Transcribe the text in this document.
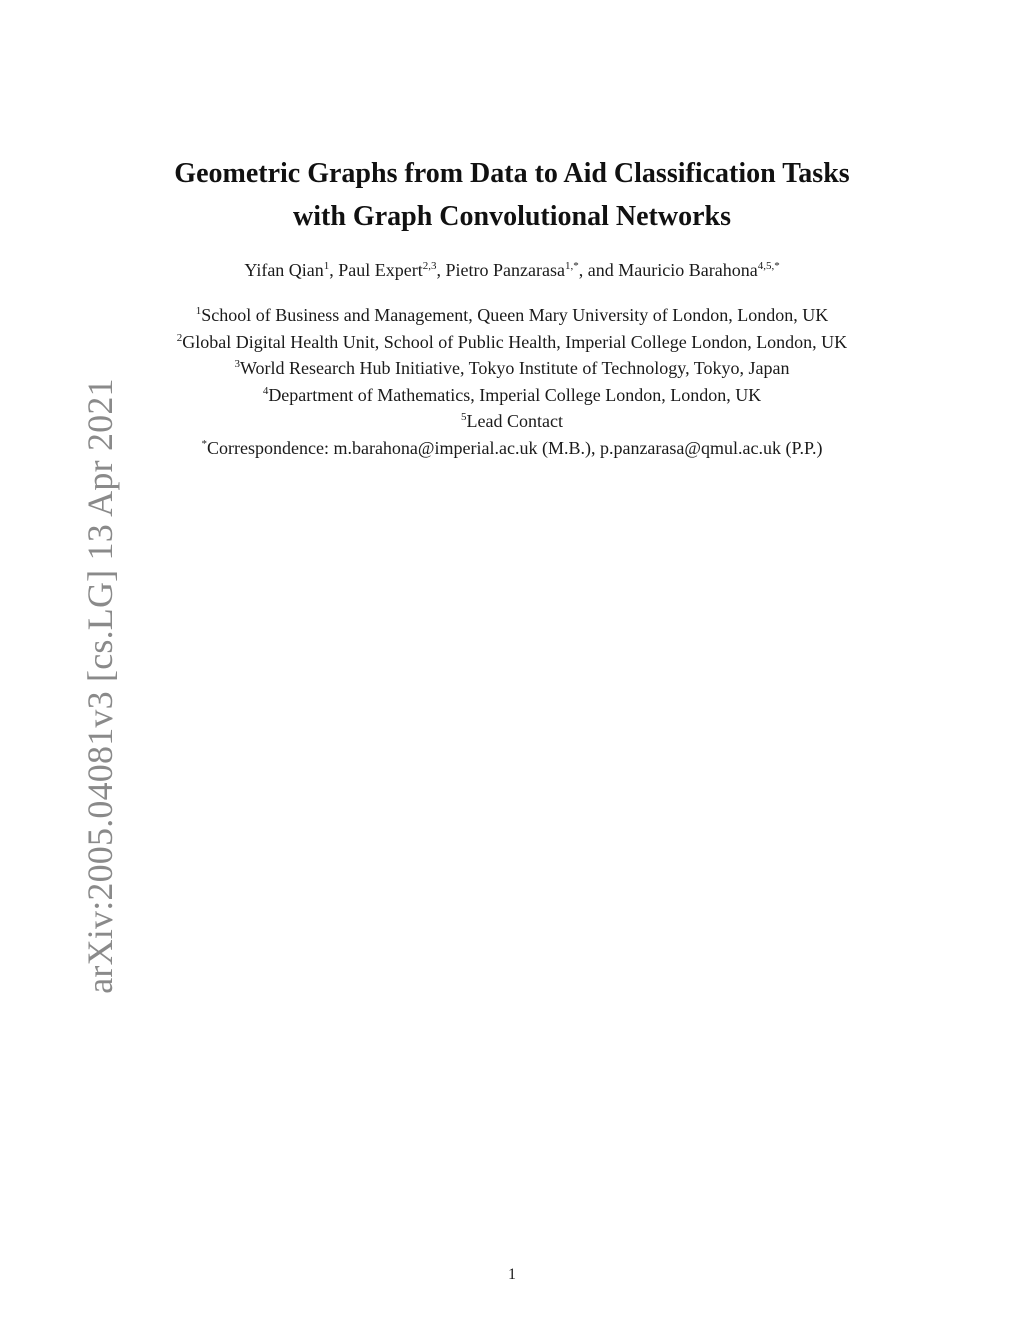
arXiv:2005.04081v3 [cs.LG] 13 Apr 2021
Geometric Graphs from Data to Aid Classification Tasks
with Graph Convolutional Networks
Yifan Qian$^1$, Paul Expert$^{2,3}$, Pietro Panzarasa$^{1,*}$, and Mauricio Barahona$^{4,5,*}$
$^1$School of Business and Management, Queen Mary University of London, London, UK
$^2$Global Digital Health Unit, School of Public Health, Imperial College London, London, UK
$^3$World Research Hub Initiative, Tokyo Institute of Technology, Tokyo, Japan
$^4$Department of Mathematics, Imperial College London, London, UK
$^5$Lead Contact
*Correspondence: m.barahona@imperial.ac.uk (M.B.), p.panzarasa@qmul.ac.uk (P.P.)
1
